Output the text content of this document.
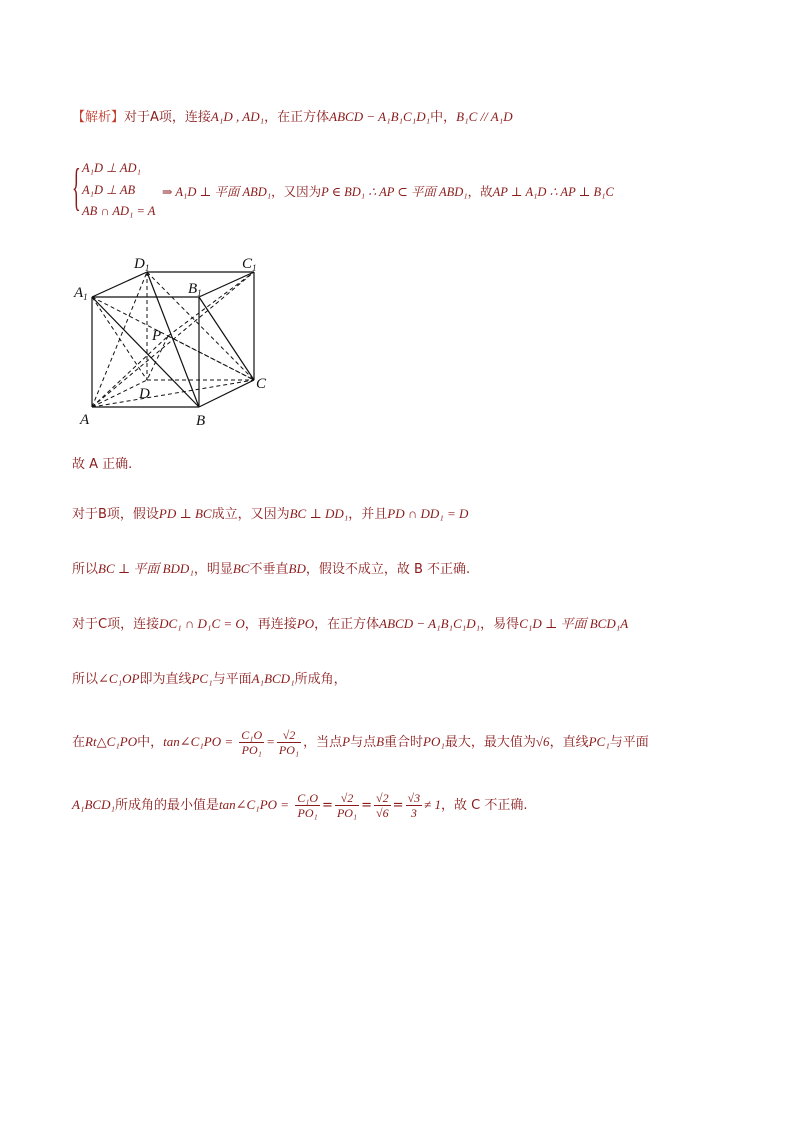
【解析】对于A项，连接A₁D , AD₁，在正方体ABCD − A₁B₁C₁D₁中，B₁C // A₁D
{ A₁D ⊥ AD₁
A₁D ⊥ AB
AB ∩ AD₁ = A
⇒ A₁D ⊥ 平面 ABD₁，又因为P ∈ BD₁ ∴ AP ⊂ 平面 ABD₁，故AP ⊥ A₁D ∴ AP ⊥ B₁C
$D_1$	$C_1$
$A_1$	$B_1$
P
D
C
A	B
故 A 正确.
对于B项，假设PD ⊥ BC成立，又因为BC ⊥ DD₁，并且PD ∩ DD₁ = D
所以BC ⊥ 平面 BDD₁，明显BC不垂直BD，假设不成立，故 B 不正确.
对于C项，连接DC₁ ∩ D₁C = O，再连接PO，在正方体ABCD − A₁B₁C₁D₁，易得C₁D ⊥ 平面 BCD₁A
所以∠C₁OP即为直线PC₁与平面A₁BCD₁所成角，
在Rt△C₁PO中，tan∠C₁PO = $\frac{\text{C₁O}}{\text{PO₁}} = \frac{√2}{\text{PO₁}}$ ，当点P与点B重合时PO₁最大，最大值为√6，直线PC₁与平面
A₁BCD₁所成角的最小值是tan∠C₁PO = $\frac{\text{C₁O}}{\text{PO₁}} = \frac{√2}{\text{PO₁}} = \frac{√2}{√6} = \frac{√3}{3} \ne 1$，故 C 不正确.
